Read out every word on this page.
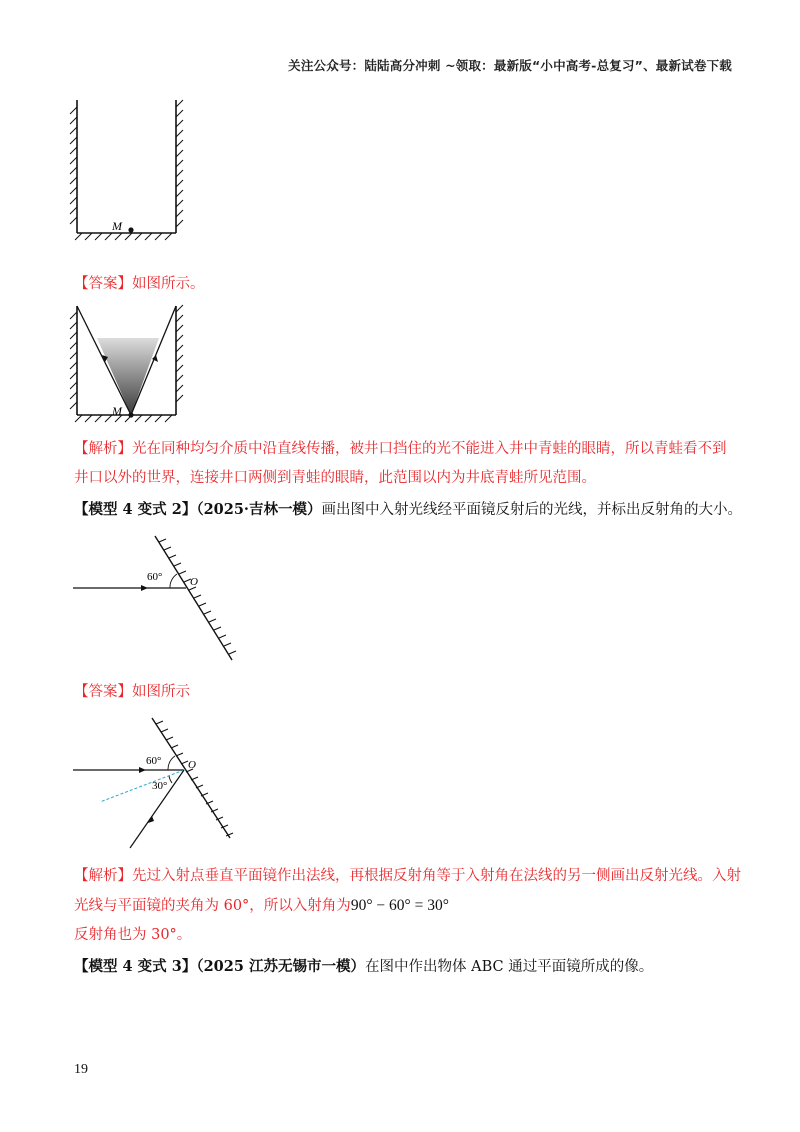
关注公众号：陆陆高分冲刺 ~领取：最新版“小中高考-总复习”、最新试卷下载
M
【答案】如图所示。
M
【解析】光在同种均匀介质中沿直线传播，被井口挡住的光不能进入井中青蛙的眼睛，所以青蛙看不到井口以外的世界，连接井口两侧到青蛙的眼睛，此范围以内为井底青蛙所见范围。
【模型 4 变式 2】（2025·吉林一模）画出图中入射光线经平面镜反射后的光线，并标出反射角的大小。
60°	O
【答案】如图所示
60°
30°
O
【解析】先过入射点垂直平面镜作出法线，再根据反射角等于入射角在法线的另一侧画出反射光线。入射
光线与平面镜的夹角为 60°，所以入射角为90° − 60° = 30°
反射角也为 30°。
【模型 4 变式 3】（2025 江苏无锡市一模）在图中作出物体 ABC 通过平面镜所成的像。
19
